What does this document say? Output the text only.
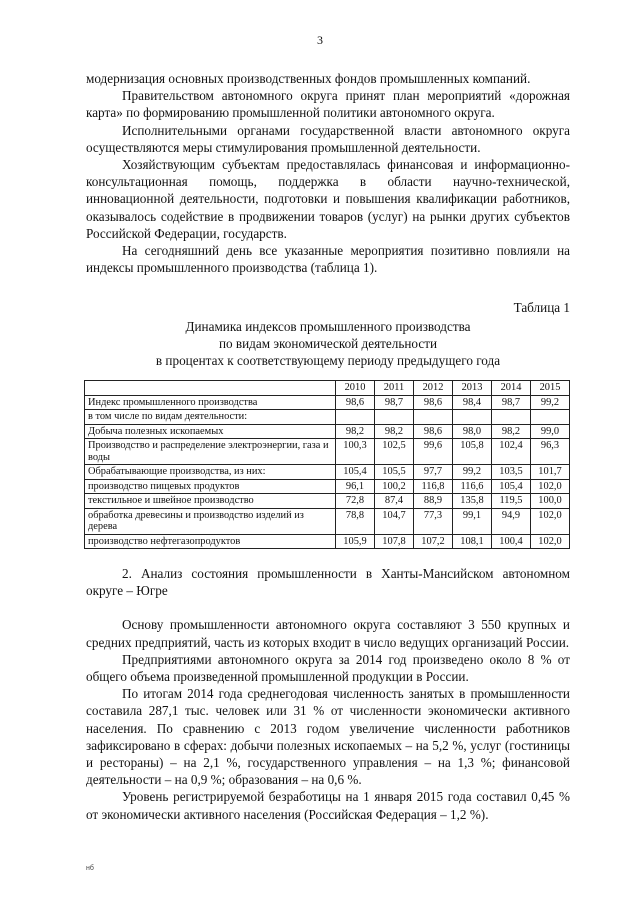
3

модернизация основных производственных фондов промышленных компаний.

Правительством автономного округа принят план мероприятий «дорожная карта» по формированию промышленной политики автономного округа.

Исполнительными органами государственной власти автономного округа осуществляются меры стимулирования промышленной деятельности.

Хозяйствующим субъектам предоставлялась финансовая и информационно-консультационная помощь, поддержка в области научно-технической, инновационной деятельности, подготовки и повышения квалификации работников, оказывалось содействие в продвижении товаров (услуг) на рынки других субъектов Российской Федерации, государств.

На сегодняшний день все указанные мероприятия позитивно повлияли на индексы промышленного производства (таблица 1).

Таблица 1
Динамика индексов промышленного производства
по видам экономической деятельности
в процентах к соответствующему периоду предыдущего года
	2010	2011	2012	2013	2014	2015
Индекс промышленного производства	98,6	98,7	98,6	98,4	98,7	99,2
в том числе по видам деятельности:						
Добыча полезных ископаемых	98,2	98,2	98,6	98,0	98,2	99,0
Производство и распределение электроэнергии, газа и воды	100,3	102,5	99,6	105,8	102,4	96,3
Обрабатывающие производства, из них:	105,4	105,5	97,7	99,2	103,5	101,7
производство пищевых продуктов	96,1	100,2	116,8	116,6	105,4	102,0
текстильное и швейное производство	72,8	87,4	88,9	135,8	119,5	100,0
обработка древесины и производство изделий из дерева	78,8	104,7	77,3	99,1	94,9	102,0
производство нефтегазопродуктов	105,9	107,8	107,2	108,1	100,4	102,0

2. Анализ состояния промышленности в Ханты-Мансийском автономном округе – Югре

Основу промышленности автономного округа составляют 3 550 крупных и средних предприятий, часть из которых входит в число ведущих организаций России.

Предприятиями автономного округа за 2014 год произведено около 8 % от общего объема произведенной промышленной продукции в России.

По итогам 2014 года среднегодовая численность занятых в промышленности составила 287,1 тыс. человек или 31 % от численности экономически активного населения. По сравнению с 2013 годом увеличение численности работников зафиксировано в сферах: добычи полезных ископаемых – на 5,2 %, услуг (гостиницы и рестораны) – на 2,1 %, государственного управления – на 1,3 %; финансовой деятельности – на 0,9 %; образования – на 0,6 %.

Уровень регистрируемой безработицы на 1 января 2015 года составил 0,45 % от экономически активного населения (Российская Федерация – 1,2 %).

нб
